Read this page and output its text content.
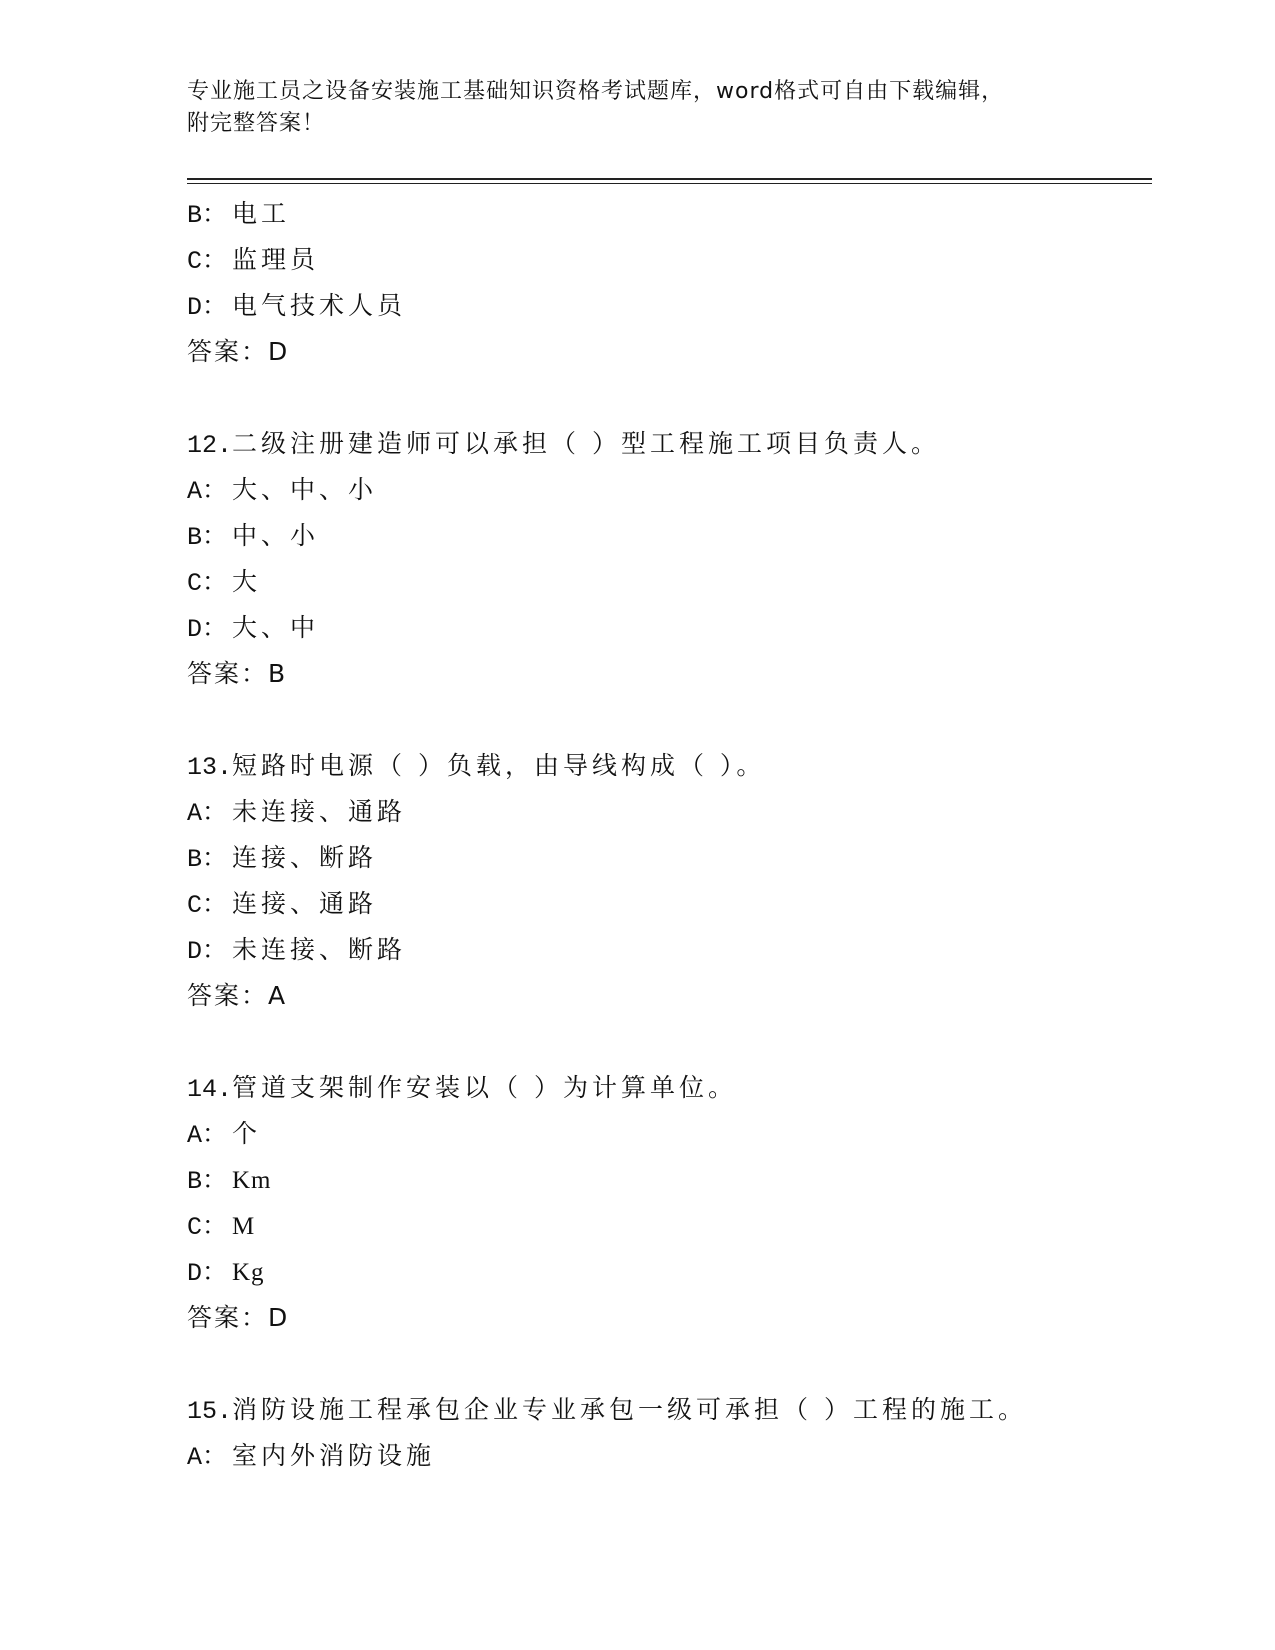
专业施工员之设备安装施工基础知识资格考试题库，word格式可自由下载编辑，
附完整答案！
B： 电工
C： 监理员
D： 电气技术人员
答案：D
12.二级注册建造师可以承担（ ）型工程施工项目负责人。
A： 大、中、小
B： 中、小
C： 大
D： 大、中
答案：B
13.短路时电源（ ）负载，由导线构成（ ）。
A： 未连接、通路
B： 连接、断路
C： 连接、通路
D： 未连接、断路
答案：A
14.管道支架制作安装以（ ）为计算单位。
A： 个
B： Km
C： M
D： Kg
答案：D
15.消防设施工程承包企业专业承包一级可承担（ ）工程的施工。
A： 室内外消防设施
